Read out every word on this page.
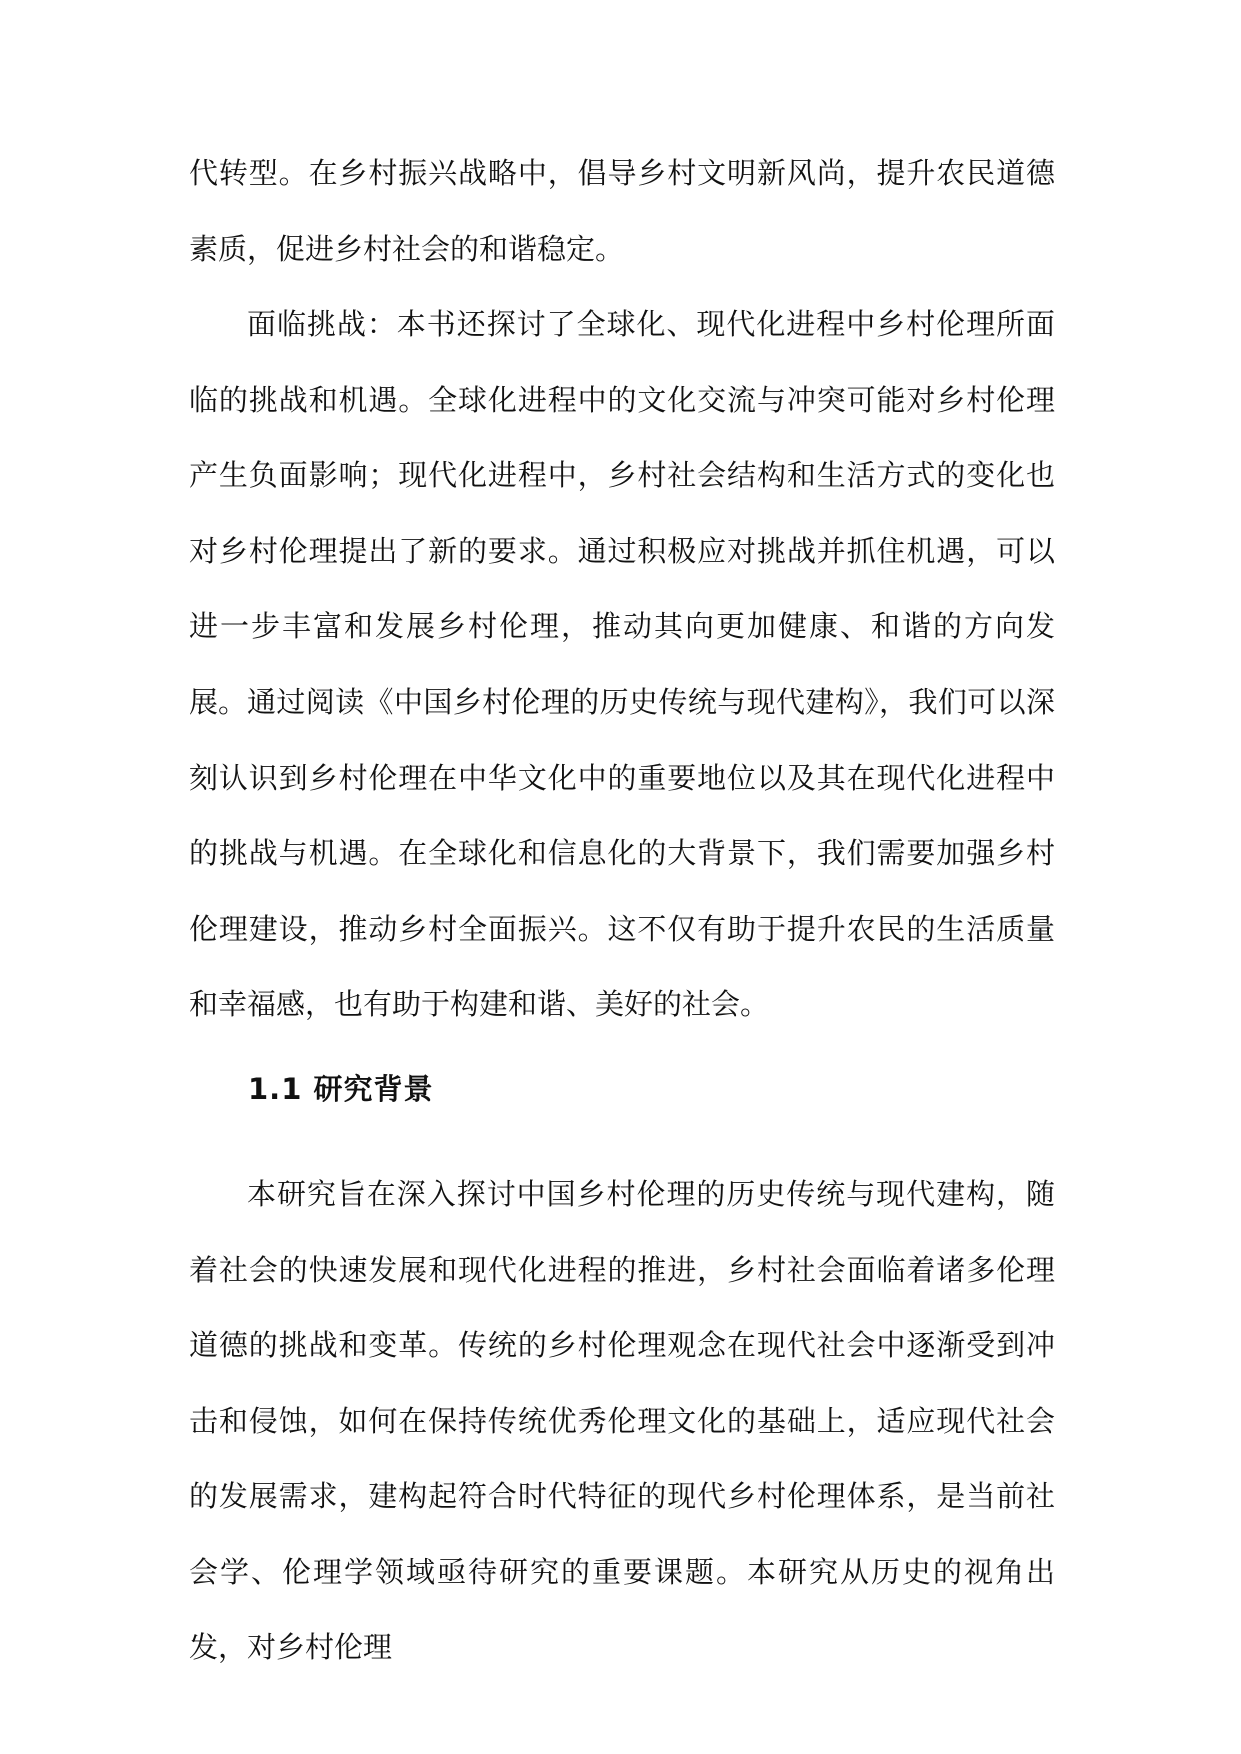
代转型。在乡村振兴战略中，倡导乡村文明新风尚，提升农民道德素质，促进乡村社会的和谐稳定。

面临挑战：本书还探讨了全球化、现代化进程中乡村伦理所面临的挑战和机遇。全球化进程中的文化交流与冲突可能对乡村伦理产生负面影响；现代化进程中，乡村社会结构和生活方式的变化也对乡村伦理提出了新的要求。通过积极应对挑战并抓住机遇，可以进一步丰富和发展乡村伦理，推动其向更加健康、和谐的方向发展。 通过阅读《中国乡村伦理的历史传统与现代建构》，我们可以深刻认识到乡村伦理在中华文化中的重要地位以及其在现代化进程中的挑战与机遇。在全球化和信息化的大背景下，我们需要加强乡村伦理建设，推动乡村全面振兴。这不仅有助于提升农民的生活质量和幸福感，也有助于构建和谐、美好的社会。

1.1 研究背景

本研究旨在深入探讨中国乡村伦理的历史传统与现代建构，随着社会的快速发展和现代化进程的推进，乡村社会面临着诸多伦理道德的挑战和变革。传统的乡村伦理观念在现代社会中逐渐受到冲击和侵蚀，如何在保持传统优秀伦理文化的基础上，适应现代社会的发展需求，建构起符合时代特征的现代乡村伦理体系，是当前社会学、伦理学领域亟待研究的重要课题。本研究从历史的视角出发，对乡村伦理
